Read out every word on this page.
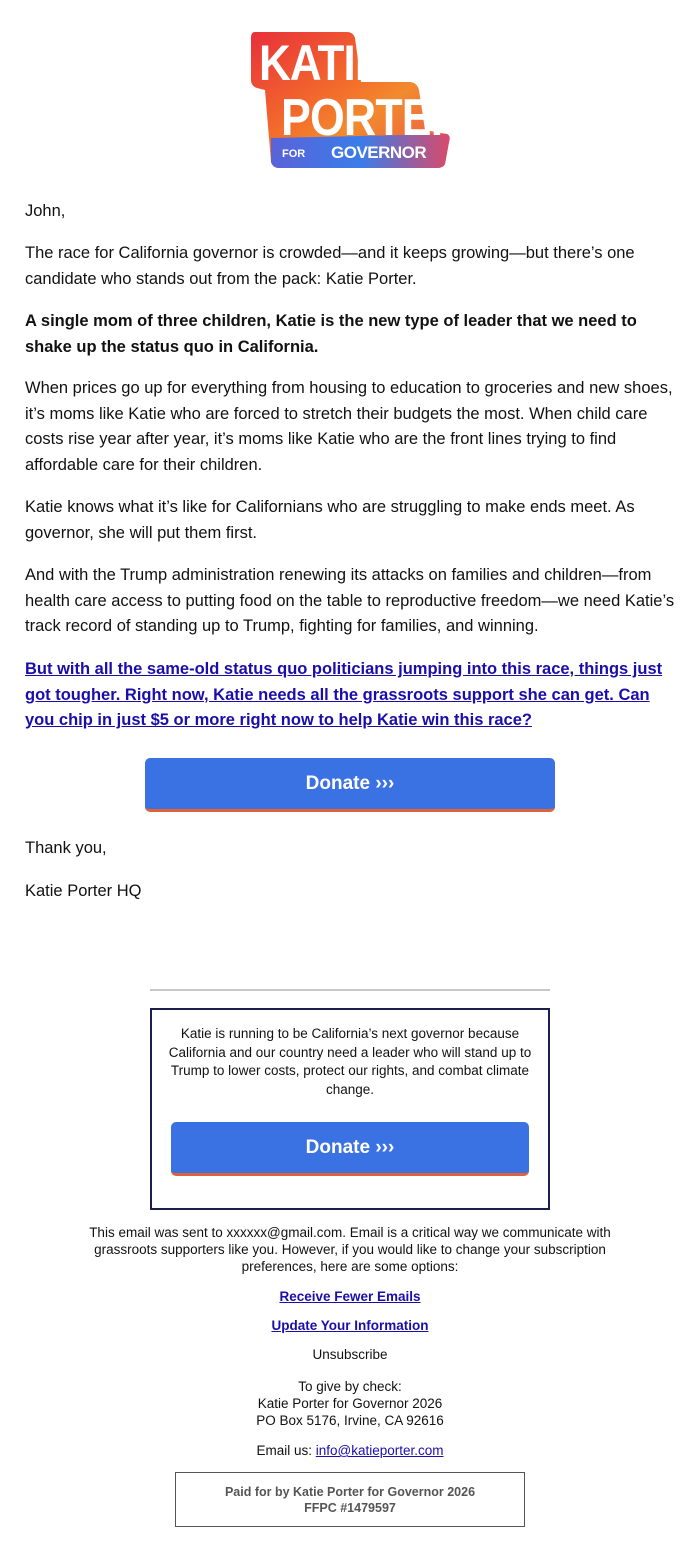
KATIE
PORTER
FOR GOVERNOR

John,

The race for California governor is crowded—and it keeps growing—but there’s one candidate who stands out from the pack: Katie Porter.

A single mom of three children, Katie is the new type of leader that we need to shake up the status quo in California.

When prices go up for everything from housing to education to groceries and new shoes, it’s moms like Katie who are forced to stretch their budgets the most. When child care costs rise year after year, it’s moms like Katie who are the front lines trying to find affordable care for their children.

Katie knows what it’s like for Californians who are struggling to make ends meet. As governor, she will put them first.

And with the Trump administration renewing its attacks on families and children—from health care access to putting food on the table to reproductive freedom—we need Katie’s track record of standing up to Trump, fighting for families, and winning.

But with all the same-old status quo politicians jumping into this race, things just got tougher. Right now, Katie needs all the grassroots support she can get. Can you chip in just $5 or more right now to help Katie win this race?

Donate ›››

Thank you,

Katie Porter HQ

Katie is running to be California’s next governor because California and our country need a leader who will stand up to Trump to lower costs, protect our rights, and combat climate change.

Donate ›››

This email was sent to xxxxxx@gmail.com. Email is a critical way we communicate with grassroots supporters like you. However, if you would like to change your subscription preferences, here are some options:

Receive Fewer Emails

Update Your Information

Unsubscribe

To give by check:

Katie Porter for Governor 2026

PO Box 5176, Irvine, CA 92616

Email us: info@katieporter.com

Paid for by Katie Porter for Governor 2026
FFPC #1479597
